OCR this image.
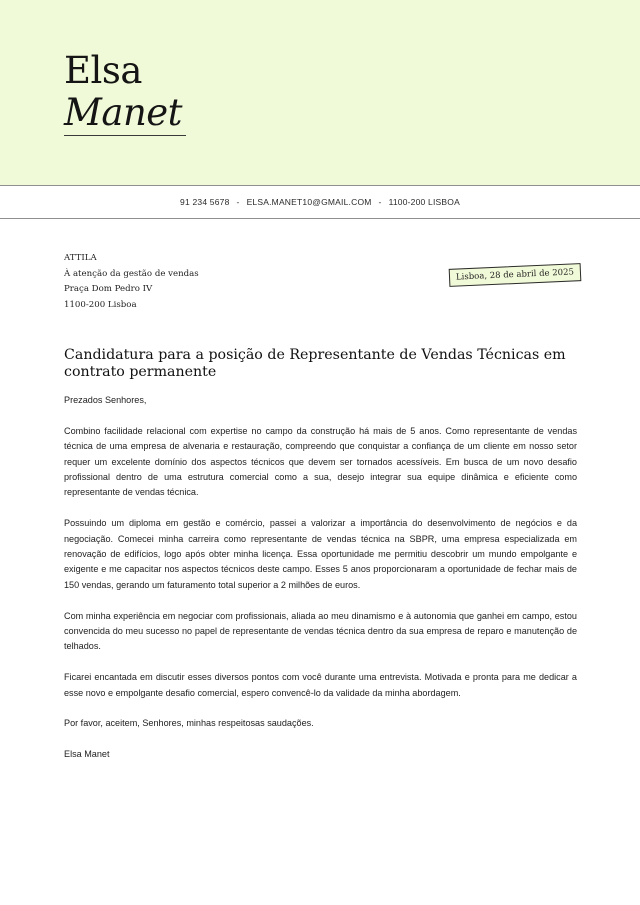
Elsa
Manet
91 234 5678 - ELSA.MANET10@GMAIL.COM - 1100-200 LISBOA
ATTILA
À atenção da gestão de vendas
Praça Dom Pedro IV
1100-200 Lisboa
Lisboa, 28 de abril de 2025
Candidatura para a posição de Representante de Vendas Técnicas em contrato permanente

Prezados Senhores,

Combino facilidade relacional com expertise no campo da construção há mais de 5 anos. Como representante de vendas técnica de uma empresa de alvenaria e restauração, compreendo que conquistar a confiança de um cliente em nosso setor requer um excelente domínio dos aspectos técnicos que devem ser tornados acessíveis. Em busca de um novo desafio profissional dentro de uma estrutura comercial como a sua, desejo integrar sua equipe dinâmica e eficiente como representante de vendas técnica.

Possuindo um diploma em gestão e comércio, passei a valorizar a importância do desenvolvimento de negócios e da negociação. Comecei minha carreira como representante de vendas técnica na SBPR, uma empresa especializada em renovação de edifícios, logo após obter minha licença. Essa oportunidade me permitiu descobrir um mundo empolgante e exigente e me capacitar nos aspectos técnicos deste campo. Esses 5 anos proporcionaram a oportunidade de fechar mais de 150 vendas, gerando um faturamento total superior a 2 milhões de euros.

Com minha experiência em negociar com profissionais, aliada ao meu dinamismo e à autonomia que ganhei em campo, estou convencida do meu sucesso no papel de representante de vendas técnica dentro da sua empresa de reparo e manutenção de telhados.

Ficarei encantada em discutir esses diversos pontos com você durante uma entrevista. Motivada e pronta para me dedicar a esse novo e empolgante desafio comercial, espero convencê-lo da validade da minha abordagem.

Por favor, aceitem, Senhores, minhas respeitosas saudações.

Elsa Manet
